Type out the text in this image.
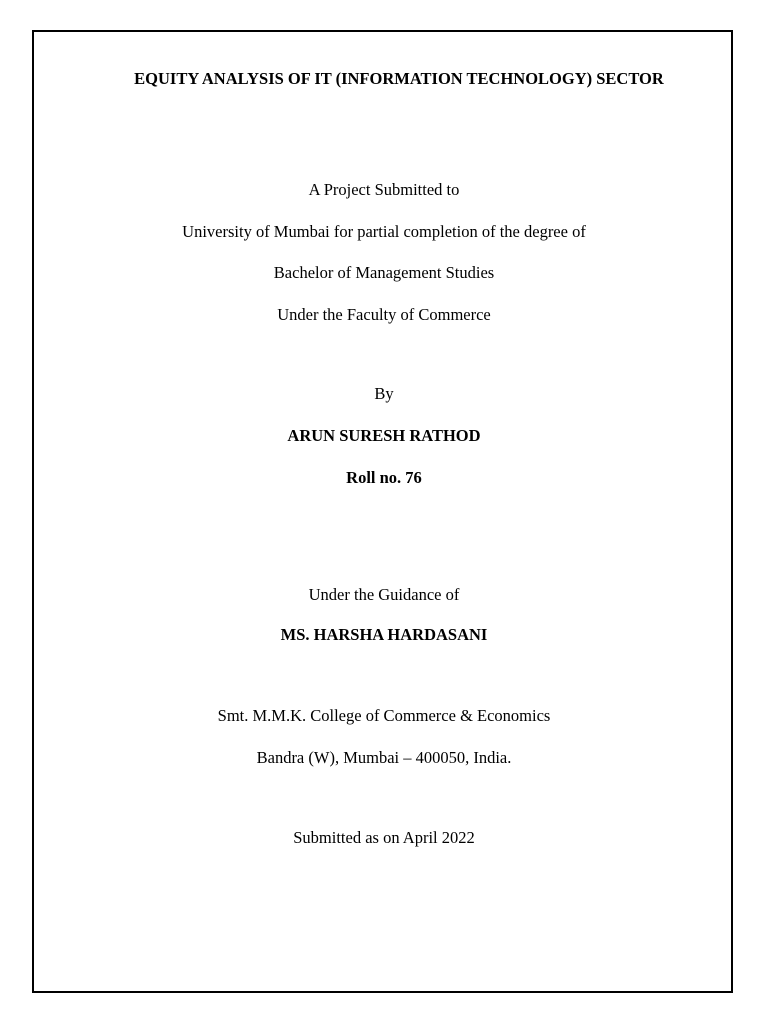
EQUITY ANALYSIS OF IT (INFORMATION TECHNOLOGY) SECTOR
A Project Submitted to
University of Mumbai for partial completion of the degree of
Bachelor of Management Studies
Under the Faculty of Commerce
By
ARUN SURESH RATHOD
Roll no. 76
Under the Guidance of
MS. HARSHA HARDASANI
Smt. M.M.K. College of Commerce & Economics
Bandra (W), Mumbai – 400050, India.
Submitted as on April 2022
